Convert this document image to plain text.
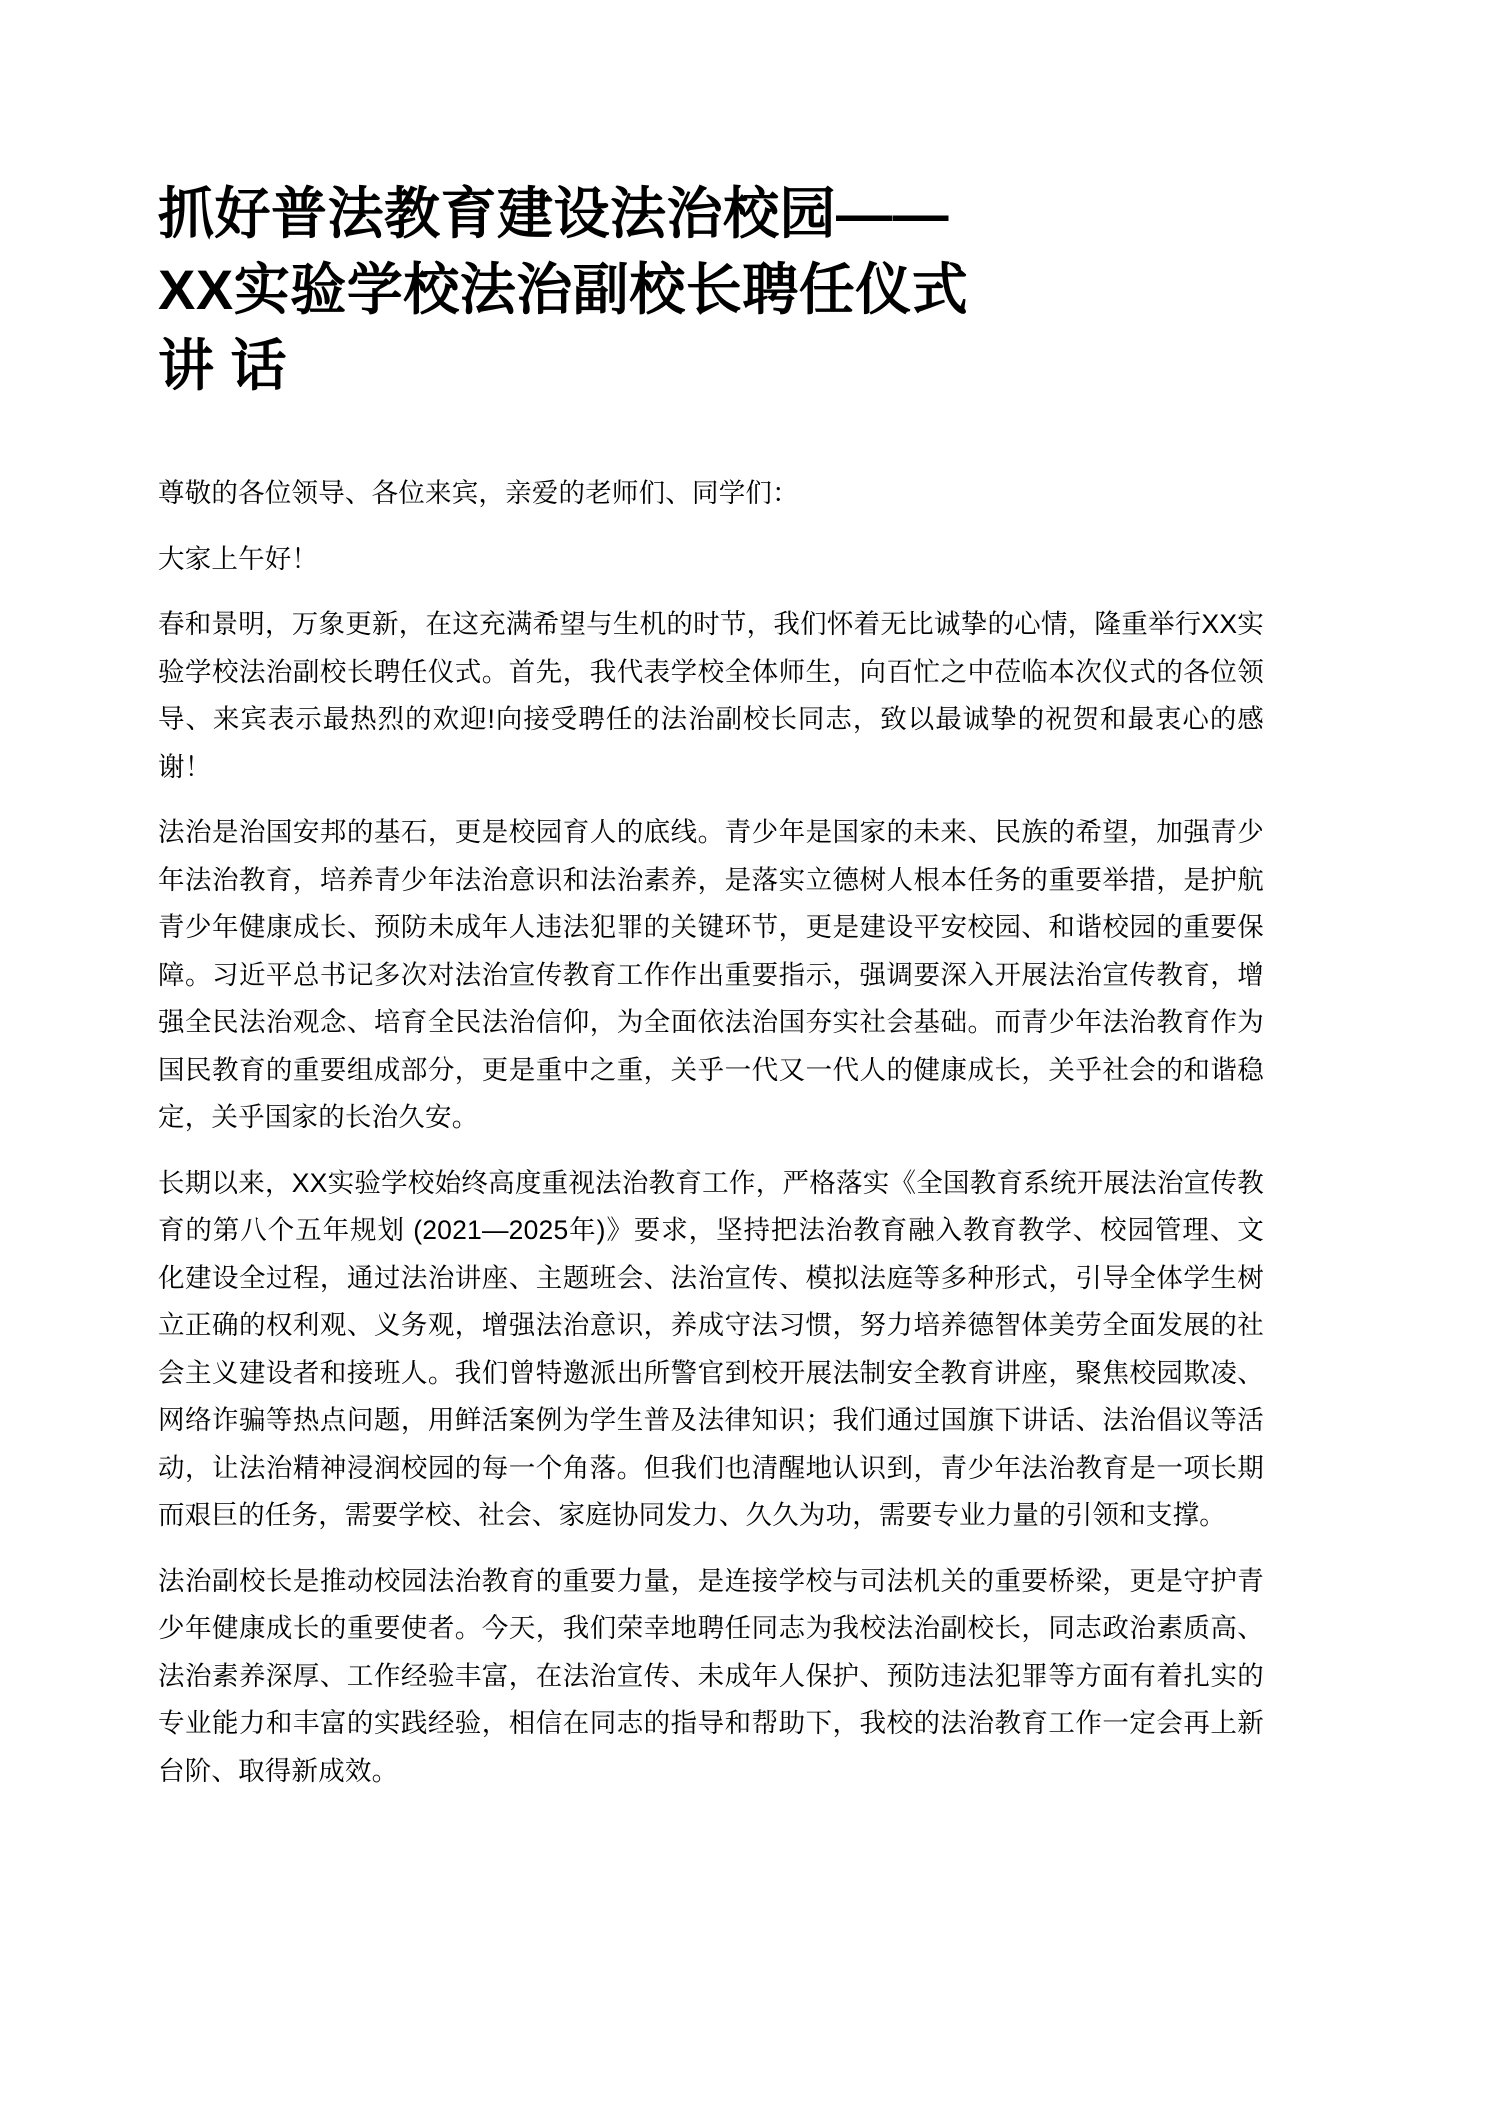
抓好普法教育建设法治校园——
XX实验学校法治副校长聘任仪式
讲 话

尊敬的各位领导、各位来宾，亲爱的老师们、同学们：

大家上午好！

春和景明，万象更新，在这充满希望与生机的时节，我们怀着无比诚挚的心情，隆重举行XX实验学校法治副校长聘任仪式。首先，我代表学校全体师生，向百忙之中莅临本次仪式的各位领导、来宾表示最热烈的欢迎!向接受聘任的法治副校长同志，致以最诚挚的祝贺和最衷心的感谢！

法治是治国安邦的基石，更是校园育人的底线。青少年是国家的未来、民族的希望，加强青少年法治教育，培养青少年法治意识和法治素养，是落实立德树人根本任务的重要举措，是护航青少年健康成长、预防未成年人违法犯罪的关键环节，更是建设平安校园、和谐校园的重要保障。习近平总书记多次对法治宣传教育工作作出重要指示，强调要深入开展法治宣传教育，增强全民法治观念、培育全民法治信仰，为全面依法治国夯实社会基础。而青少年法治教育作为国民教育的重要组成部分，更是重中之重，关乎一代又一代人的健康成长，关乎社会的和谐稳定，关乎国家的长治久安。

长期以来，XX实验学校始终高度重视法治教育工作，严格落实《全国教育系统开展法治宣传教育的第八个五年规划 (2021—2025年)》要求，坚持把法治教育融入教育教学、校园管理、文化建设全过程，通过法治讲座、主题班会、法治宣传、模拟法庭等多种形式，引导全体学生树立正确的权利观、义务观，增强法治意识，养成守法习惯，努力培养德智体美劳全面发展的社会主义建设者和接班人。我们曾特邀派出所警官到校开展法制安全教育讲座，聚焦校园欺凌、网络诈骗等热点问题，用鲜活案例为学生普及法律知识；我们通过国旗下讲话、法治倡议等活动，让法治精神浸润校园的每一个角落。但我们也清醒地认识到，青少年法治教育是一项长期而艰巨的任务，需要学校、社会、家庭协同发力、久久为功，需要专业力量的引领和支撑。

法治副校长是推动校园法治教育的重要力量，是连接学校与司法机关的重要桥梁，更是守护青少年健康成长的重要使者。今天，我们荣幸地聘任同志为我校法治副校长，同志政治素质高、法治素养深厚、工作经验丰富，在法治宣传、未成年人保护、预防违法犯罪等方面有着扎实的专业能力和丰富的实践经验，相信在同志的指导和帮助下，我校的法治教育工作一定会再上新台阶、取得新成效。
